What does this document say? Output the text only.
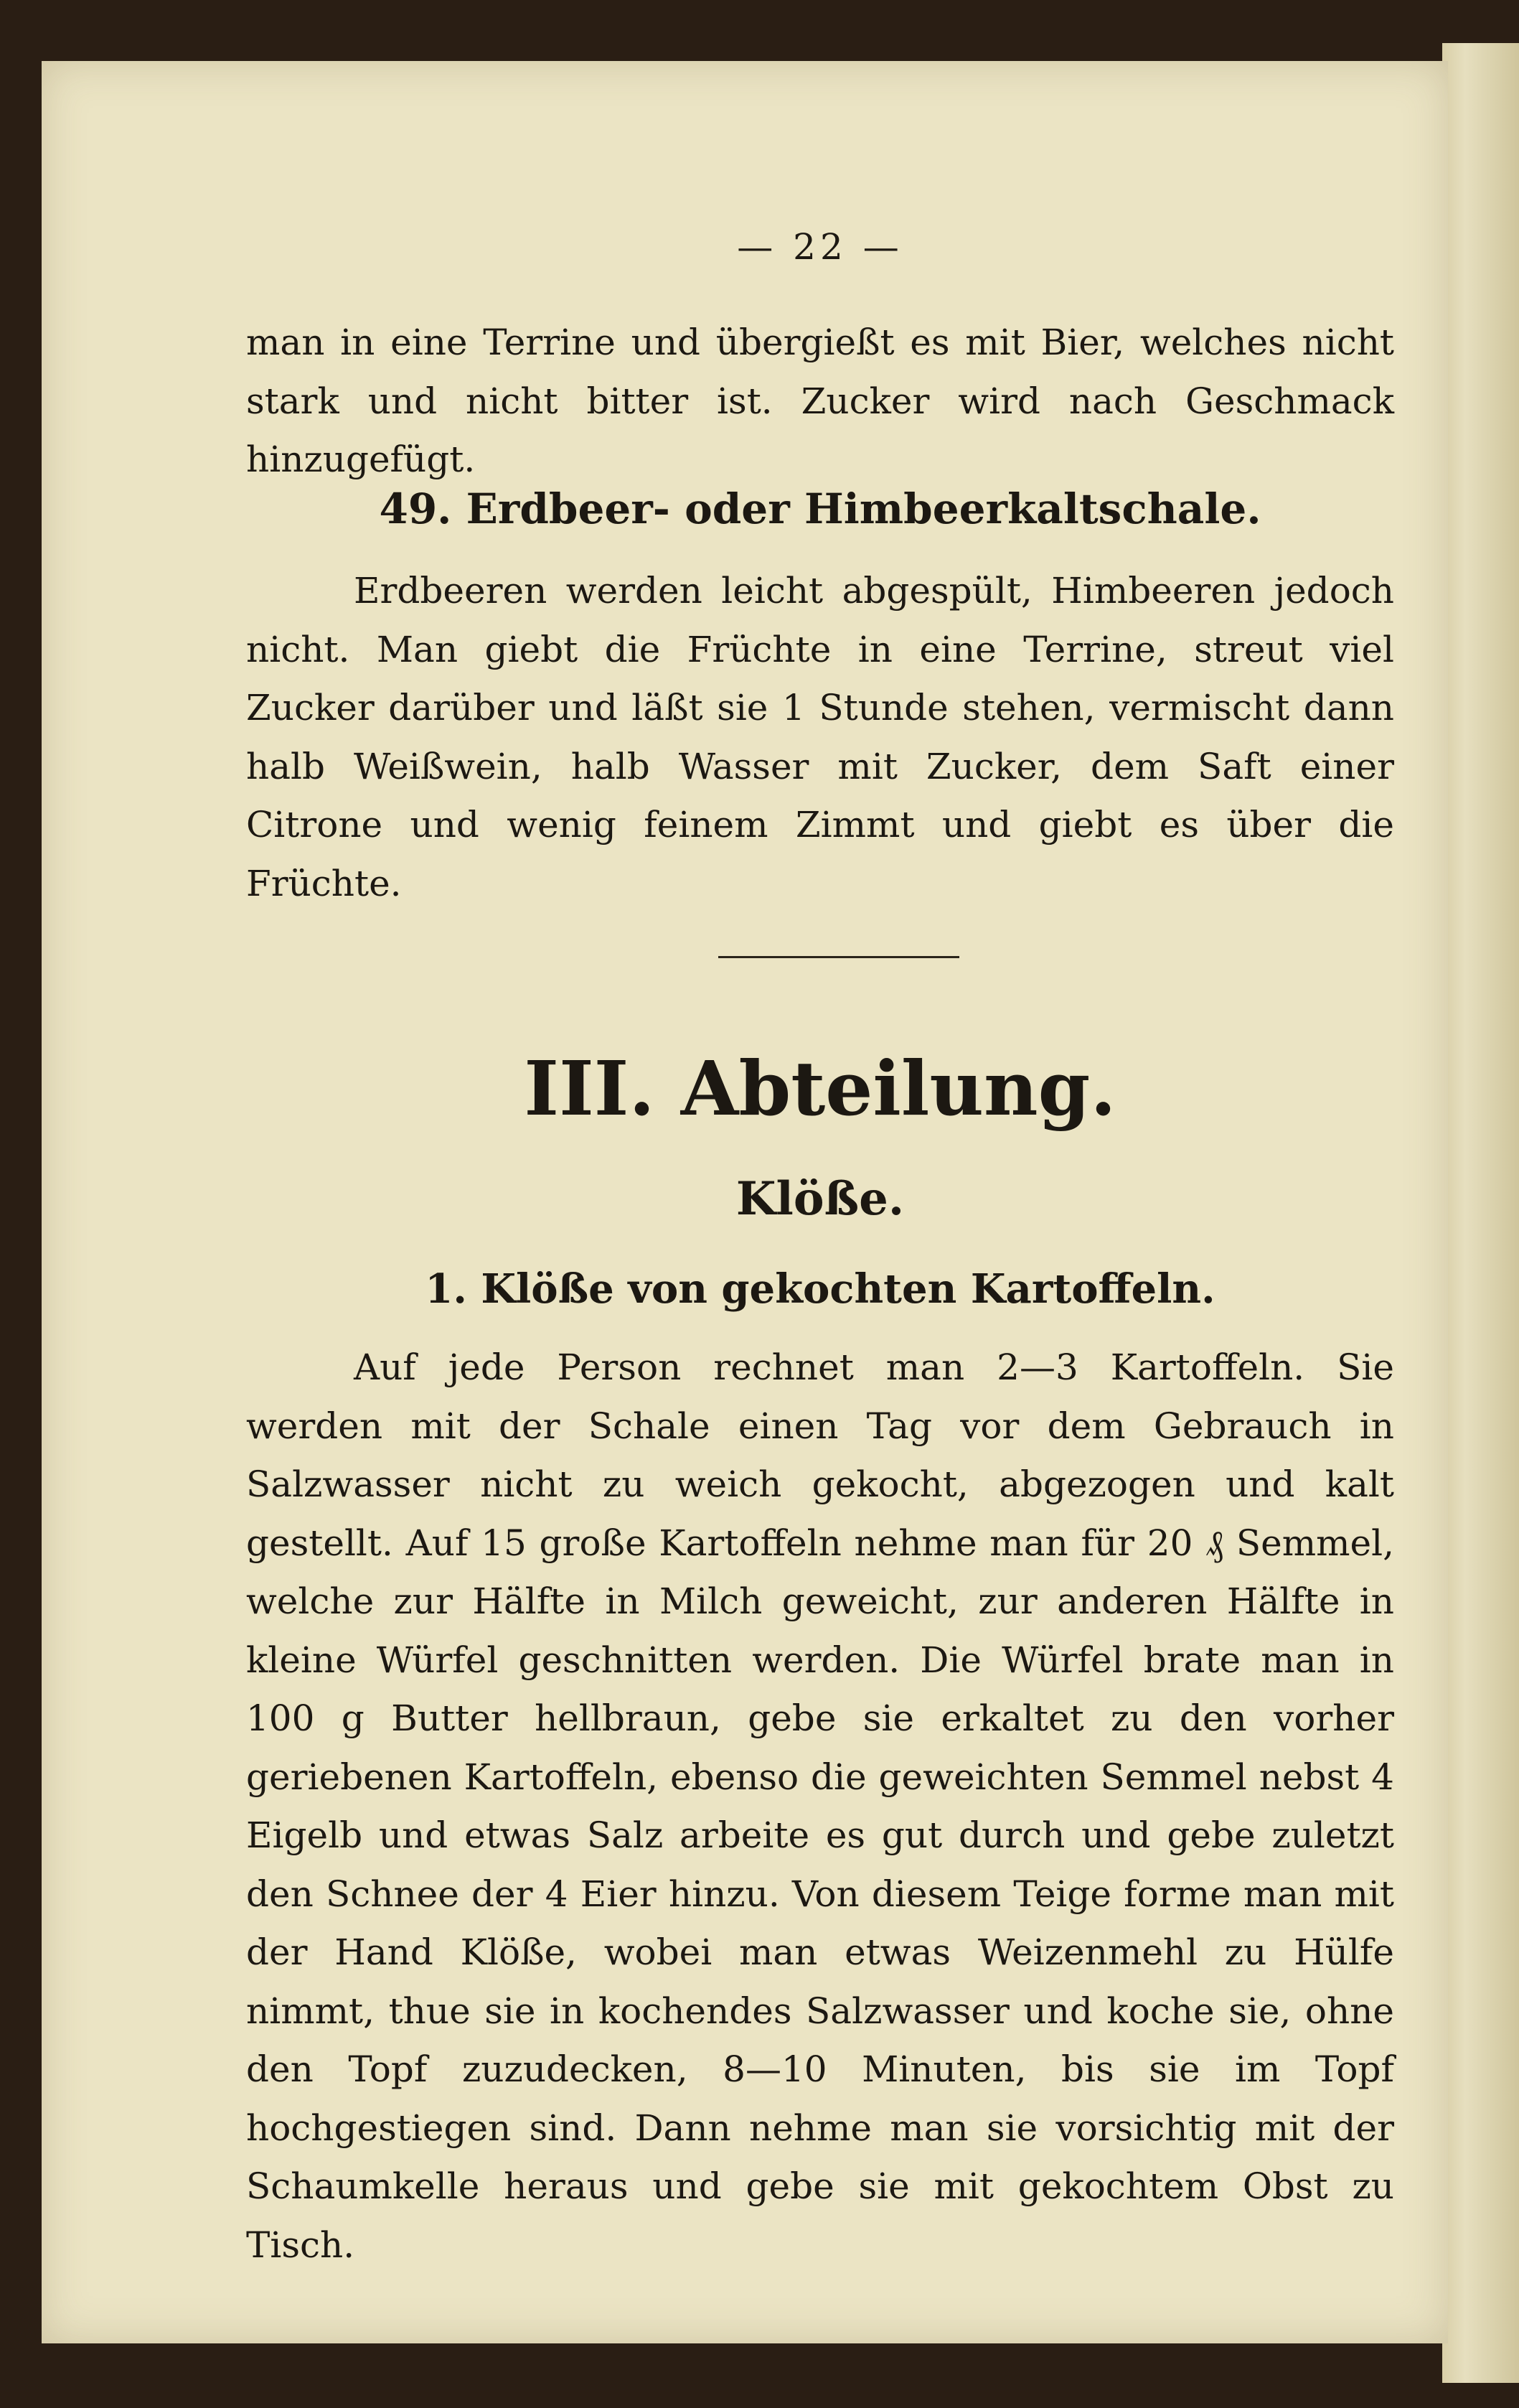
— 22 —
man in eine Terrine und übergießt es mit Bier, welches nicht stark und nicht bitter ist. Zucker wird nach Geschmack hinzugefügt.
49. Erdbeer- oder Himbeerkaltschale.
Erdbeeren werden leicht abgespült, Himbeeren jedoch nicht. Man giebt die Früchte in eine Terrine, streut viel Zucker darüber und läßt sie 1 Stunde stehen, vermischt dann halb Weißwein, halb Wasser mit Zucker, dem Saft einer Citrone und wenig feinem Zimmt und giebt es über die Früchte.
III. Abteilung.
Klöße.
1. Klöße von gekochten Kartoffeln.
Auf jede Person rechnet man 2—3 Kartoffeln. Sie werden mit der Schale einen Tag vor dem Gebrauch in Salzwasser nicht zu weich gekocht, abgezogen und kalt gestellt. Auf 15 große Kartoffeln nehme man für 20 ₰ Semmel, welche zur Hälfte in Milch geweicht, zur anderen Hälfte in kleine Würfel geschnitten werden. Die Würfel brate man in 100 g Butter hellbraun, gebe sie erkaltet zu den vorher geriebenen Kartoffeln, ebenso die geweichten Semmel nebst 4 Eigelb und etwas Salz arbeite es gut durch und gebe zuletzt den Schnee der 4 Eier hinzu. Von diesem Teige forme man mit der Hand Klöße, wobei man etwas Weizenmehl zu Hülfe nimmt, thue sie in kochendes Salzwasser und koche sie, ohne den Topf zuzudecken, 8—10 Minuten, bis sie im Topf hochgestiegen sind. Dann nehme man sie vorsichtig mit der Schaumkelle heraus und gebe sie mit gekochtem Obst zu Tisch.
